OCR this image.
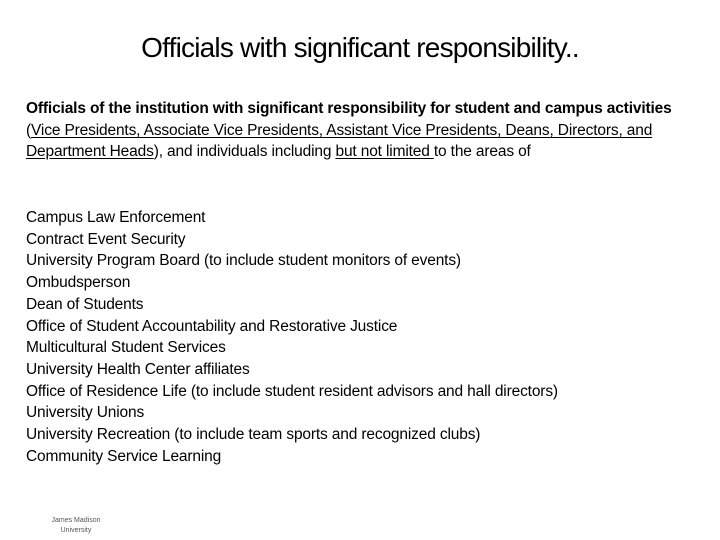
Officials with significant responsibility..
Officials of the institution with significant responsibility for student and campus activities (Vice Presidents, Associate Vice Presidents, Assistant Vice Presidents, Deans, Directors, and Department Heads), and individuals including but not limited to the areas of
Campus Law Enforcement
Contract Event Security
University Program Board (to include student monitors of events)
Ombudsperson
Dean of Students
Office of Student Accountability and Restorative Justice
Multicultural Student Services
University Health Center affiliates
Office of Residence Life (to include student resident advisors and hall directors)
University Unions
University Recreation (to include team sports and recognized clubs)
Community Service Learning
James Madison
University
